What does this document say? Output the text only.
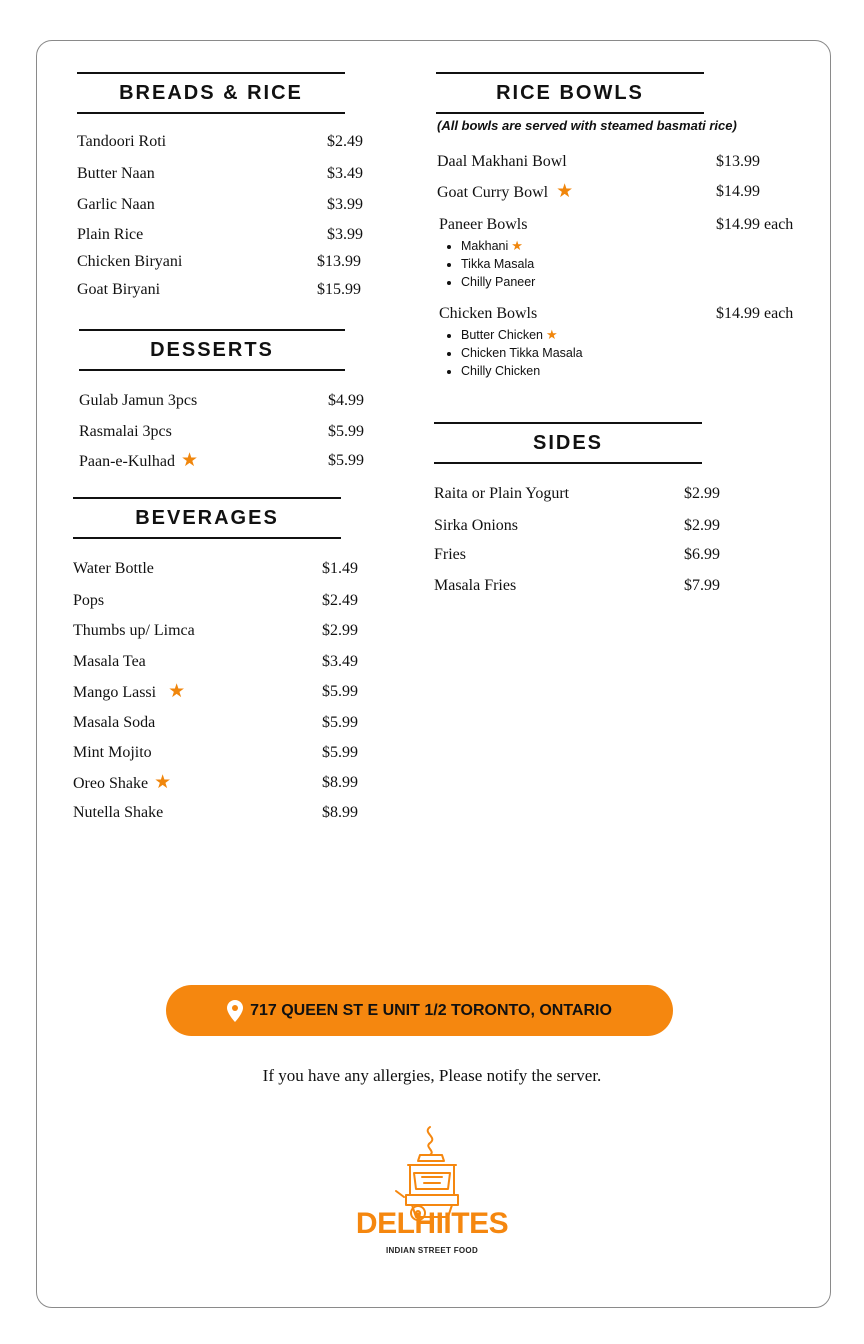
BREADS & RICE
Tandoori Roti	$2.49
Butter Naan	$3.49
Garlic Naan	$3.99
Plain Rice	$3.99
Chicken Biryani	$13.99
Goat Biryani	$15.99
DESSERTS
Gulab Jamun 3pcs	$4.99
Rasmalai 3pcs	$5.99
Paan-e-Kulhad ★	$5.99
BEVERAGES
Water Bottle	$1.49
Pops	$2.49
Thumbs up/ Limca	$2.99
Masala Tea	$3.49
Mango Lassi ★	$5.99
Masala Soda	$5.99
Mint Mojito	$5.99
Oreo Shake ★	$8.99
Nutella Shake	$8.99
RICE BOWLS
(All bowls are served with steamed basmati rice)
Daal Makhani Bowl	$13.99
Goat Curry Bowl ★	$14.99
Paneer Bowls	$14.99 each
• Makhani ★
• Tikka Masala
• Chilly Paneer
Chicken Bowls	$14.99 each
• Butter Chicken ★
• Chicken Tikka Masala
• Chilly Chicken
SIDES
Raita or Plain Yogurt	$2.99
Sirka Onions	$2.99
Fries	$6.99
Masala Fries	$7.99
717 QUEEN ST E UNIT 1/2 TORONTO, ONTARIO
If you have any allergies, Please notify the server.
DELHIITES
INDIAN STREET FOOD
